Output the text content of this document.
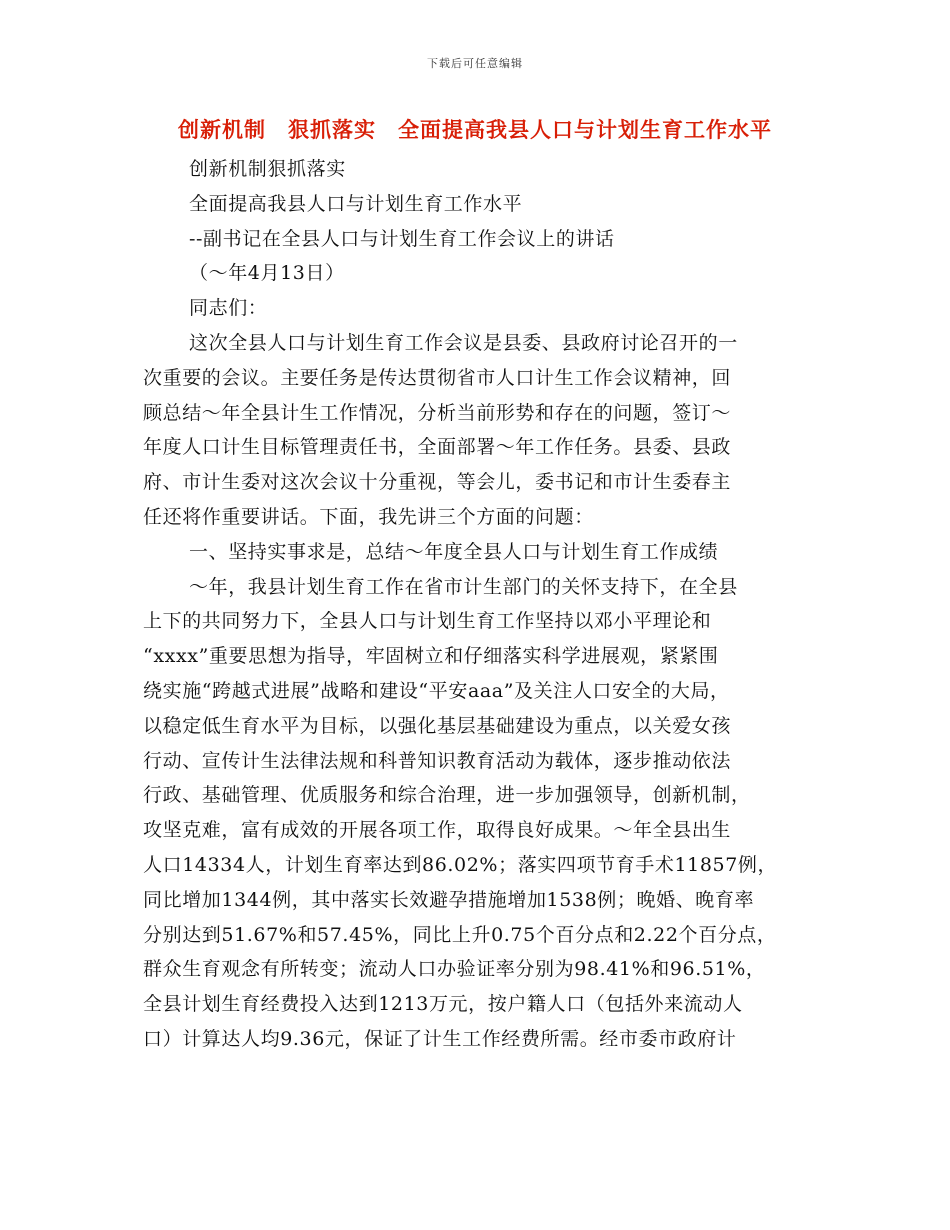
下载后可任意编辑
创新机制　狠抓落实　全面提高我县人口与计划生育工作水平
创新机制狠抓落实
全面提高我县人口与计划生育工作水平
--副书记在全县人口与计划生育工作会议上的讲话
（～年4月13日）
同志们：
这次全县人口与计划生育工作会议是县委、县政府讨论召开的一
次重要的会议。主要任务是传达贯彻省市人口计生工作会议精神，回
顾总结～年全县计生工作情况，分析当前形势和存在的问题，签订～
年度人口计生目标管理责任书，全面部署～年工作任务。县委、县政
府、市计生委对这次会议十分重视，等会儿，委书记和市计生委春主
任还将作重要讲话。下面，我先讲三个方面的问题：
一、坚持实事求是，总结～年度全县人口与计划生育工作成绩
～年，我县计划生育工作在省市计生部门的关怀支持下，在全县
上下的共同努力下，全县人口与计划生育工作坚持以邓小平理论和
“xxxx”重要思想为指导，牢固树立和仔细落实科学进展观，紧紧围
绕实施“跨越式进展”战略和建设“平安aaa”及关注人口安全的大局，
以稳定低生育水平为目标，以强化基层基础建设为重点，以关爱女孩
行动、宣传计生法律法规和科普知识教育活动为载体，逐步推动依法
行政、基础管理、优质服务和综合治理，进一步加强领导，创新机制，
攻坚克难，富有成效的开展各项工作，取得良好成果。～年全县出生
人口14334人，计划生育率达到86.02%；落实四项节育手术11857例，
同比增加1344例，其中落实长效避孕措施增加1538例；晚婚、晚育率
分别达到51.67%和57.45%，同比上升0.75个百分点和2.22个百分点，
群众生育观念有所转变；流动人口办验证率分别为98.41%和96.51%，
全县计划生育经费投入达到1213万元，按户籍人口（包括外来流动人
口）计算达人均9.36元，保证了计生工作经费所需。经市委市政府计
